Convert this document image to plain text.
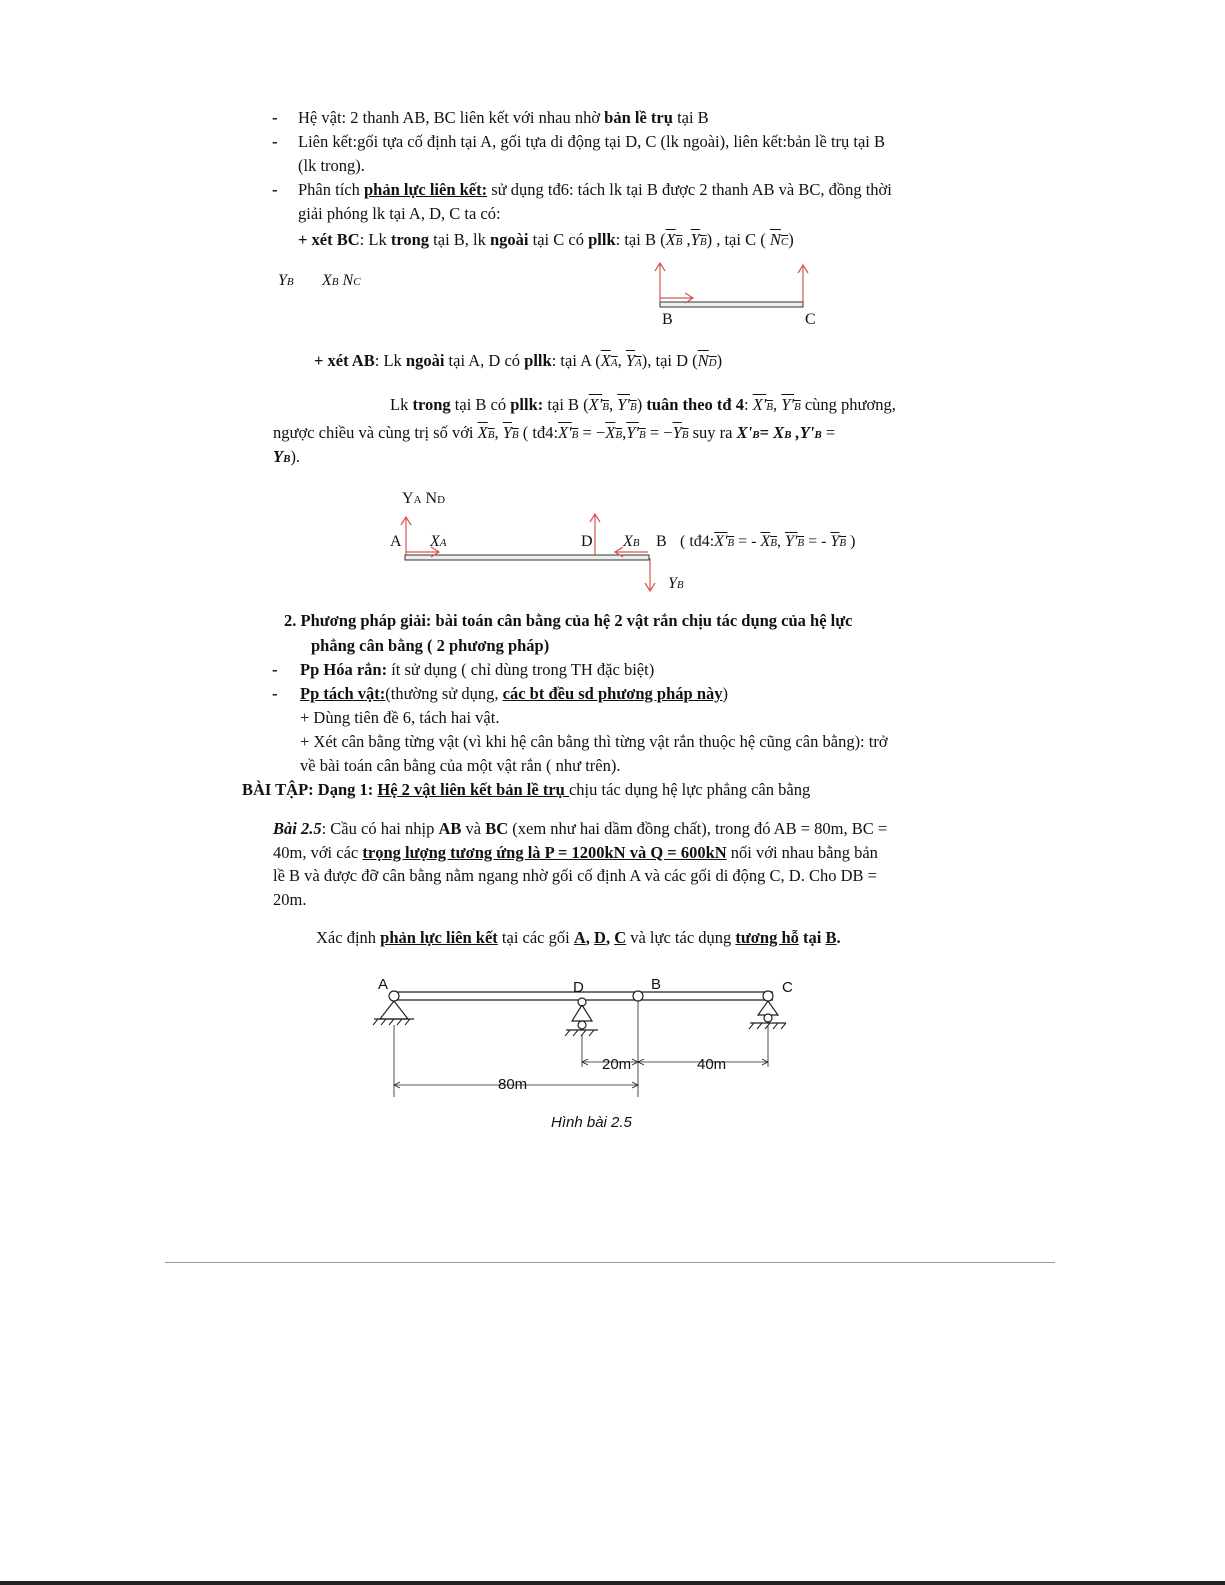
- Hệ vật: 2 thanh AB, BC liên kết với nhau nhờ bản lề trụ tại B
- Liên kết:gối tựa cố định tại A, gối tựa di động tại D, C (lk ngoài), liên kết:bản lề trụ tại B
(lk trong).
- Phân tích phản lực liên kết: sử dụng tđ6: tách lk tại B được 2 thanh AB và BC, đồng thời
giải phóng lk tại A, D, C ta có:
+ xét BC: Lk trong tại B, lk ngoài tại C có pllk: tại B (XB ,YB) , tại C ( NC)
YB XB NC
B	C
+ xét AB: Lk ngoài tại A, D có pllk: tại A (XA, YA), tại D (ND)
Lk trong tại B có pllk: tại B (X'B, Y'B) tuân theo tđ 4: X'B, Y'B cùng phương,
ngược chiều và cùng trị số với XB, YB ( tđ4:X'B = −XB,Y'B = −YB suy ra X'B= XB ,Y'B =
YB).
YA ND
A XA	D XB B ( tđ4:X'B = - XB, Y'B = - YB )
YB
2. Phương pháp giải: bài toán cân bằng của hệ 2 vật rắn chịu tác dụng của hệ lực
phẳng cân bằng ( 2 phương pháp)
- Pp Hóa rắn: ít sử dụng ( chỉ dùng trong TH đặc biệt)
- Pp tách vật:(thường sử dụng, các bt đều sd phương pháp này)
+ Dùng tiên đề 6, tách hai vật.
+ Xét cân bằng từng vật (vì khi hệ cân bằng thì từng vật rắn thuộc hệ cũng cân bằng): trở
về bài toán cân bằng của một vật rắn ( như trên).
BÀI TẬP: Dạng 1: Hệ 2 vật liên kết bản lề trụ chịu tác dụng hệ lực phẳng cân bằng
Bài 2.5: Cầu có hai nhịp AB và BC (xem như hai dầm đồng chất), trong đó AB = 80m, BC =
40m, với các trọng lượng tương ứng là P = 1200kN và Q = 600kN nối với nhau bằng bản
lề B và được đỡ cân bằng nằm ngang nhờ gối cố định A và các gối di động C, D. Cho DB =
20m.
Xác định phản lực liên kết tại các gối A, D, C và lực tác dụng tương hỗ tại B.
A	D	B	C
20m	40m
80m
Hình bài 2.5
